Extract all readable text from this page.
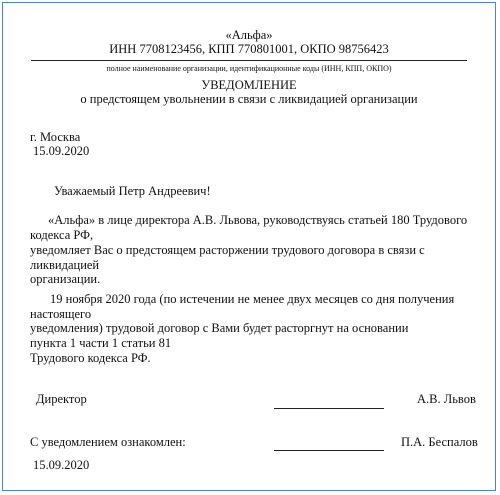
«Альфа»
ИНН 7708123456, КПП 770801001, ОКПО 98756423
полное наименование организации, идентификационные коды (ИНН, КПП, ОКПО)
УВЕДОМЛЕНИЕ
о предстоящем увольнении в связи с ликвидацией организации
г. Москва
15.09.2020
Уважаемый Петр Андреевич!
«Альфа» в лице директора А.В. Львова, руководствуясь статьей 180 Трудового
кодекса РФ,
уведомляет Вас о предстоящем расторжении трудового договора в связи с
ликвидацией
организации.
19 ноября 2020 года (по истечении не менее двух месяцев со дня получения
настоящего
уведомления) трудовой договор с Вами будет расторгнут на основании
пункта 1 части 1 статьи 81
Трудового кодекса РФ.
Директор	А.В. Львов
С уведомлением ознакомлен:	П.А. Беспалов
15.09.2020
